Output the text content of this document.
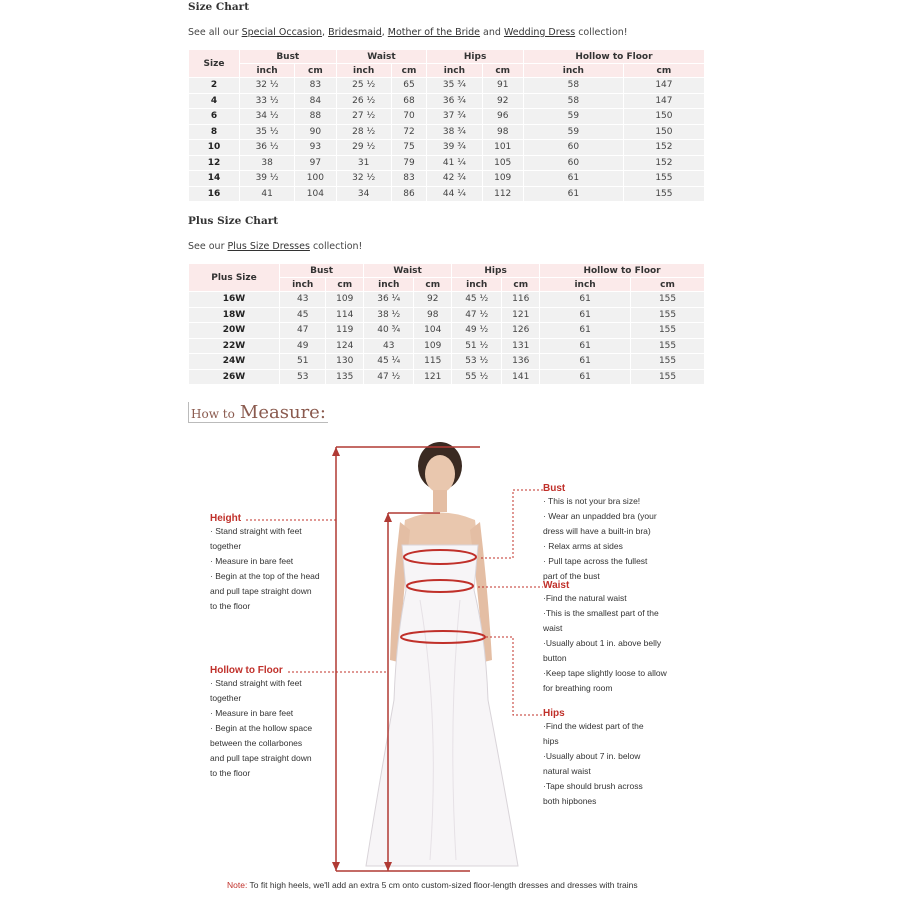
Size Chart
See all our Special Occasion, Bridesmaid, Mother of the Bride and Wedding Dress collection!
Size	Bust		Waist		Hips		Hollow to Floor	
	inch	cm	inch	cm	inch	cm	inch	cm
2	32 ½	83	25 ½	65	35 ¾	91	58	147
4	33 ½	84	26 ½	68	36 ¾	92	58	147
6	34 ½	88	27 ½	70	37 ¾	96	59	150
8	35 ½	90	28 ½	72	38 ¾	98	59	150
10	36 ½	93	29 ½	75	39 ¾	101	60	152
12	38	97	31	79	41 ¼	105	60	152
14	39 ½	100	32 ½	83	42 ¾	109	61	155
16	41	104	34	86	44 ¼	112	61	155
Plus Size Chart
See our Plus Size Dresses collection!
Plus Size	Bust		Waist		Hips		Hollow to Floor	
	inch	cm	inch	cm	inch	cm	inch	cm
16W	43	109	36 ¼	92	45 ½	116	61	155
18W	45	114	38 ½	98	47 ½	121	61	155
20W	47	119	40 ¾	104	49 ½	126	61	155
22W	49	124	43	109	51 ½	131	61	155
24W	51	130	45 ¼	115	53 ½	136	61	155
26W	53	135	47 ½	121	55 ½	141	61	155
How to Measure:
Height
· Stand straight with feet
together
· Measure in bare feet
· Begin at the top of the head
and pull tape straight down
to the floor
Hollow to Floor
· Stand straight with feet
together
· Measure in bare feet
· Begin at the hollow space
between the collarbones
and pull tape straight down
to the floor
Bust
· This is not your bra size!
· Wear an unpadded bra (your
dress will have a built-in bra)
· Relax arms at sides
· Pull tape across the fullest
part of the bust
Waist
·Find the natural waist
·This is the smallest part of the
waist
·Usually about 1 in. above belly
button
·Keep tape slightly loose to allow
for breathing room
Hips
·Find the widest part of the
hips
·Usually about 7 in. below
natural waist
·Tape should brush across
both hipbones
Note: To fit high heels, we'll add an extra 5 cm onto custom-sized floor-length dresses and dresses with trains
